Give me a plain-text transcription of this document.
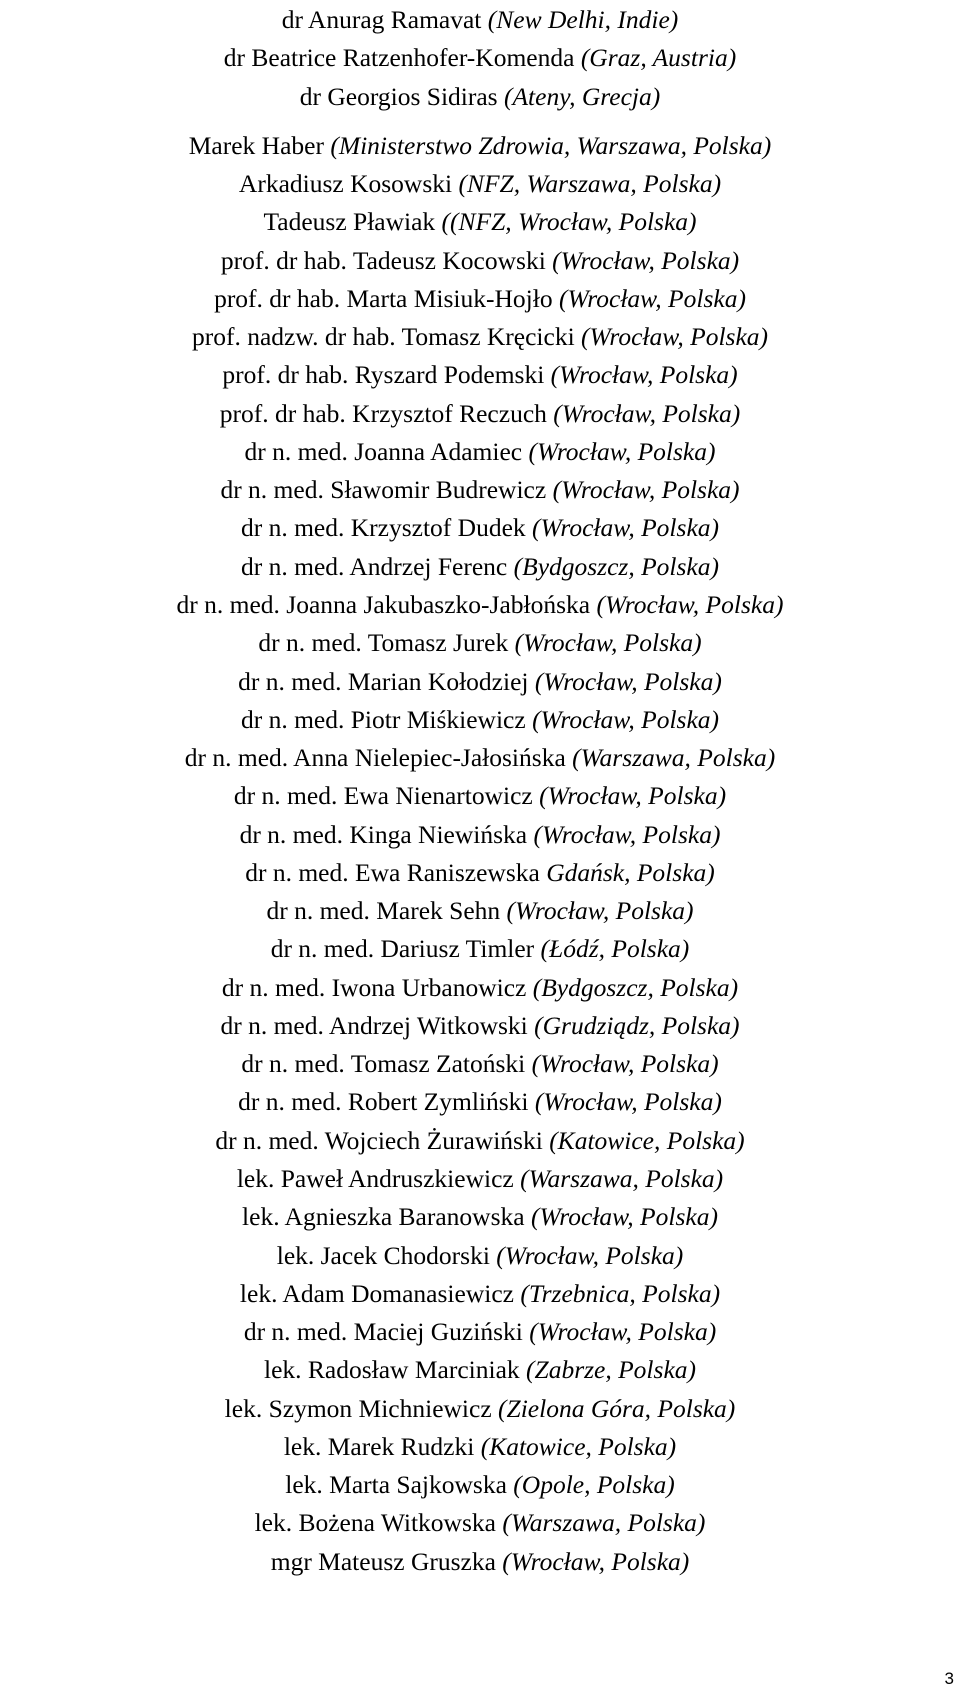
dr Anurag Ramavat (New Delhi, Indie)
dr Beatrice Ratzenhofer-Komenda (Graz, Austria)
dr Georgios Sidiras (Ateny, Grecja)
Marek Haber (Ministerstwo Zdrowia, Warszawa, Polska)
Arkadiusz Kosowski (NFZ, Warszawa, Polska)
Tadeusz Pławiak ((NFZ, Wrocław, Polska)
prof. dr hab. Tadeusz Kocowski (Wrocław, Polska)
prof. dr hab. Marta Misiuk-Hojło (Wrocław, Polska)
prof. nadzw. dr hab. Tomasz Kręcicki (Wrocław, Polska)
prof. dr hab. Ryszard Podemski (Wrocław, Polska)
prof. dr hab. Krzysztof Reczuch (Wrocław, Polska)
dr n. med. Joanna Adamiec (Wrocław, Polska)
dr n. med. Sławomir Budrewicz (Wrocław, Polska)
dr n. med. Krzysztof Dudek (Wrocław, Polska)
dr n. med. Andrzej Ferenc (Bydgoszcz, Polska)
dr n. med. Joanna Jakubaszko-Jabłońska (Wrocław, Polska)
dr n. med. Tomasz Jurek (Wrocław, Polska)
dr n. med. Marian Kołodziej (Wrocław, Polska)
dr n. med. Piotr Miśkiewicz (Wrocław, Polska)
dr n. med. Anna Nielepiec-Jałosińska (Warszawa, Polska)
dr n. med. Ewa Nienartowicz (Wrocław, Polska)
dr n. med. Kinga Niewińska (Wrocław, Polska)
dr n. med. Ewa Raniszewska Gdańsk, Polska)
dr n. med. Marek Sehn (Wrocław, Polska)
dr n. med. Dariusz Timler (Łódź, Polska)
dr n. med. Iwona Urbanowicz (Bydgoszcz, Polska)
dr n. med. Andrzej Witkowski (Grudziądz, Polska)
dr n. med. Tomasz Zatoński (Wrocław, Polska)
dr n. med. Robert Zymliński (Wrocław, Polska)
dr n. med. Wojciech Żurawiński (Katowice, Polska)
lek. Paweł Andruszkiewicz (Warszawa, Polska)
lek. Agnieszka Baranowska (Wrocław, Polska)
lek. Jacek Chodorski (Wrocław, Polska)
lek. Adam Domanasiewicz (Trzebnica, Polska)
dr n. med. Maciej Guziński (Wrocław, Polska)
lek. Radosław Marciniak (Zabrze, Polska)
lek. Szymon Michniewicz (Zielona Góra, Polska)
lek. Marek Rudzki (Katowice, Polska)
lek. Marta Sajkowska (Opole, Polska)
lek. Bożena Witkowska (Warszawa, Polska)
mgr Mateusz Gruszka (Wrocław, Polska)
3
